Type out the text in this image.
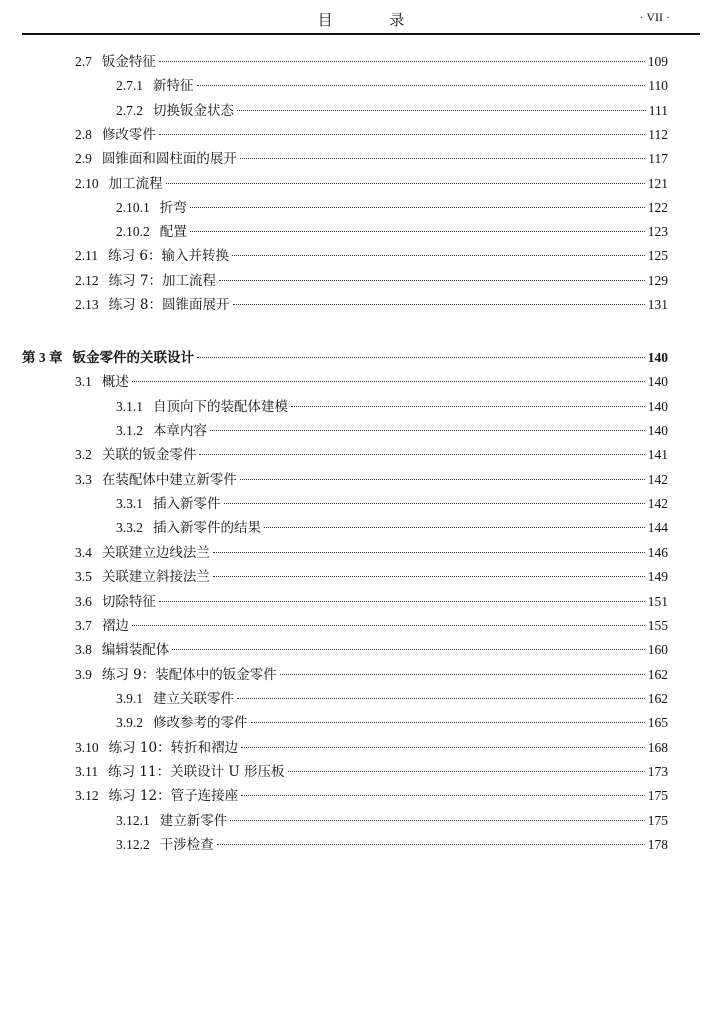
目 录	· VII ·
2.7 钣金特征	109
2.7.1 新特征	110
2.7.2 切换钣金状态	111
2.8 修改零件	112
2.9 圆锥面和圆柱面的展开	117
2.10 加工流程	121
2.10.1 折弯	122
2.10.2 配置	123
2.11 练习 6：输入并转换	125
2.12 练习 7：加工流程	129
2.13 练习 8：圆锥面展开	131
第 3 章 钣金零件的关联设计	140
3.1 概述	140
3.1.1 自顶向下的装配体建模	140
3.1.2 本章内容	140
3.2 关联的钣金零件	141
3.3 在装配体中建立新零件	142
3.3.1 插入新零件	142
3.3.2 插入新零件的结果	144
3.4 关联建立边线法兰	146
3.5 关联建立斜接法兰	149
3.6 切除特征	151
3.7 褶边	155
3.8 编辑装配体	160
3.9 练习 9：装配体中的钣金零件	162
3.9.1 建立关联零件	162
3.9.2 修改参考的零件	165
3.10 练习 10：转折和褶边	168
3.11 练习 11：关联设计 U 形压板	173
3.12 练习 12：管子连接座	175
3.12.1 建立新零件	175
3.12.2 干涉检查	178
